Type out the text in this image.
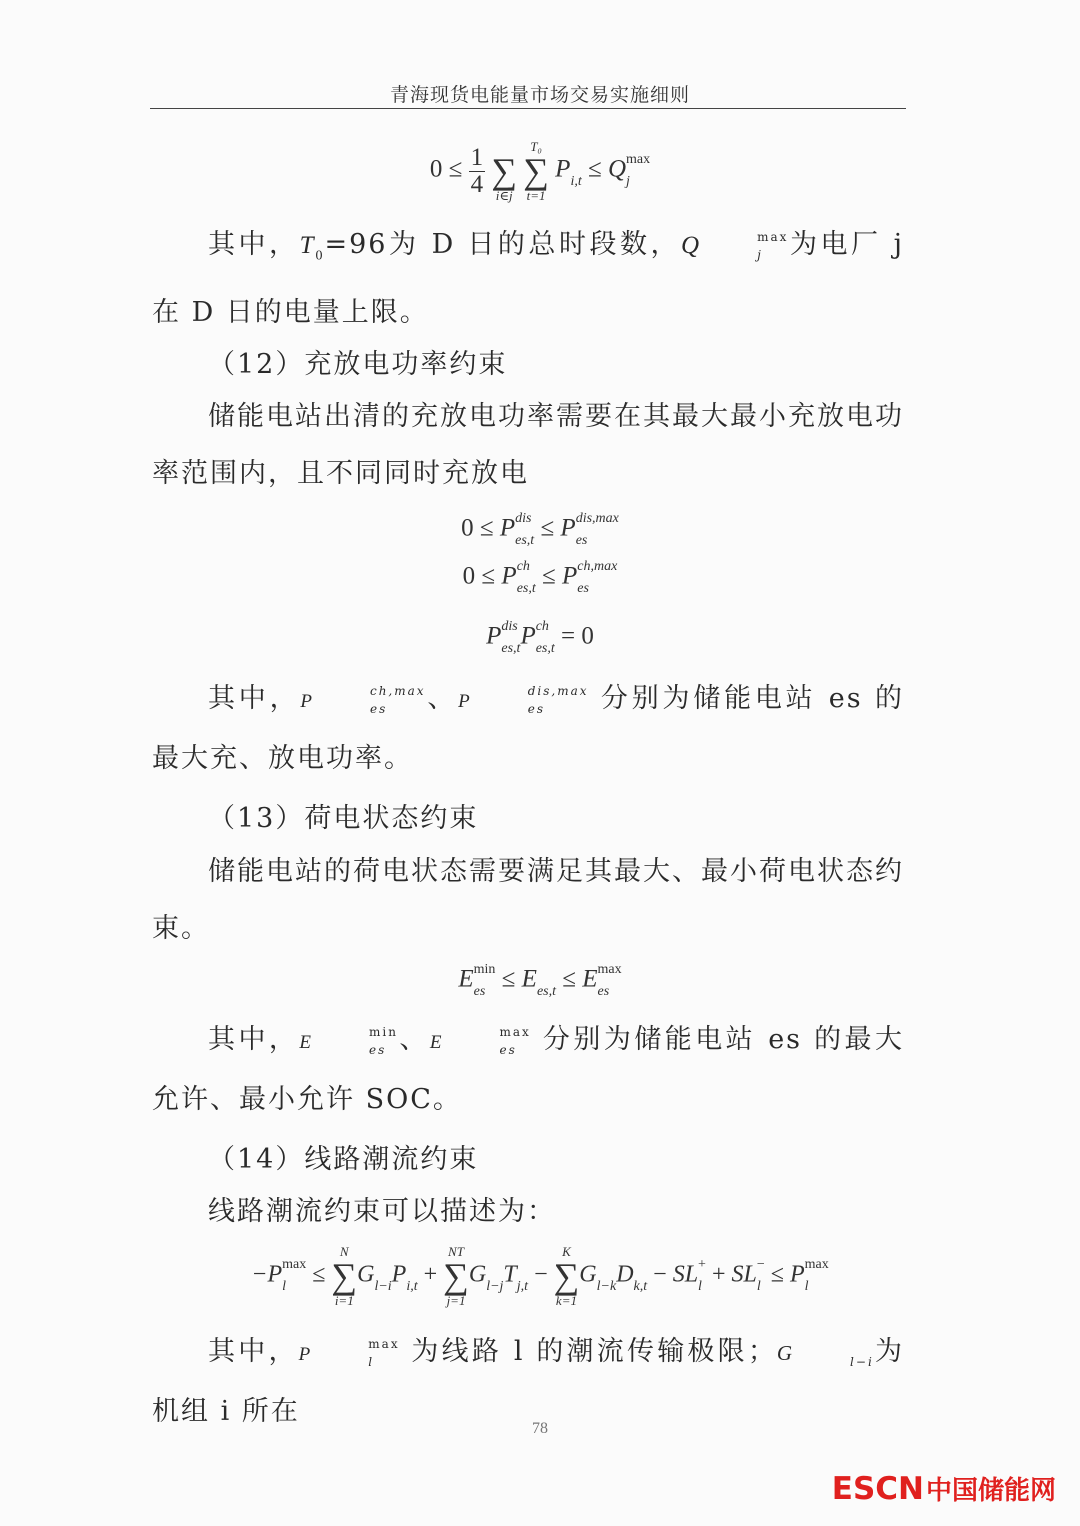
青海现货电能量市场交易实施细则
$0 \le \frac{1}{4}$

∑
i∈j

T₀
∑
t=1
P
i,t ≤ Q max
j

其中，$T_0=96$为 D 日的总时段数，Q	max
j 为电厂 j 在 D 日的电量上限。

（12）充放电功率约束

储能电站出清的充放电功率需要在其最大最小充放电功率范围内，且不同同时充放电

0 ≤ P dis
es,t ≤ P dis,max
es
0 ≤ P ch
es,t ≤ P ch,max
es
P dis
es,t P ch
es,t = 0

其中，P
ch,max
es	、P
dis,max
es	分别为储能电站 es 的最大充、放电功率。

（13）荷电状态约束

储能电站的荷电状态需要满足其最大、最小荷电状态约束。

E min
es ≤ E
es,t ≤ E max
es

其中，E
min
es 、E
max
es 分别为储能电站 es 的最大允许、最小允许 SOC。

（14）线路潮流约束

线路潮流约束可以描述为：

−P max
l	≤
N
∑
i=1
G
l−i P
i,t +
NT
∑
j=1
G
l−j T
j,t −
K
∑
k=1
G
l−k D
k,t − SL +
l + SL −
l ≤ P max
l

其中，P
max
l	为线路 l 的潮流传输极限；G
	l−i 为机组 i 所在

78
ESCN中国储能网
